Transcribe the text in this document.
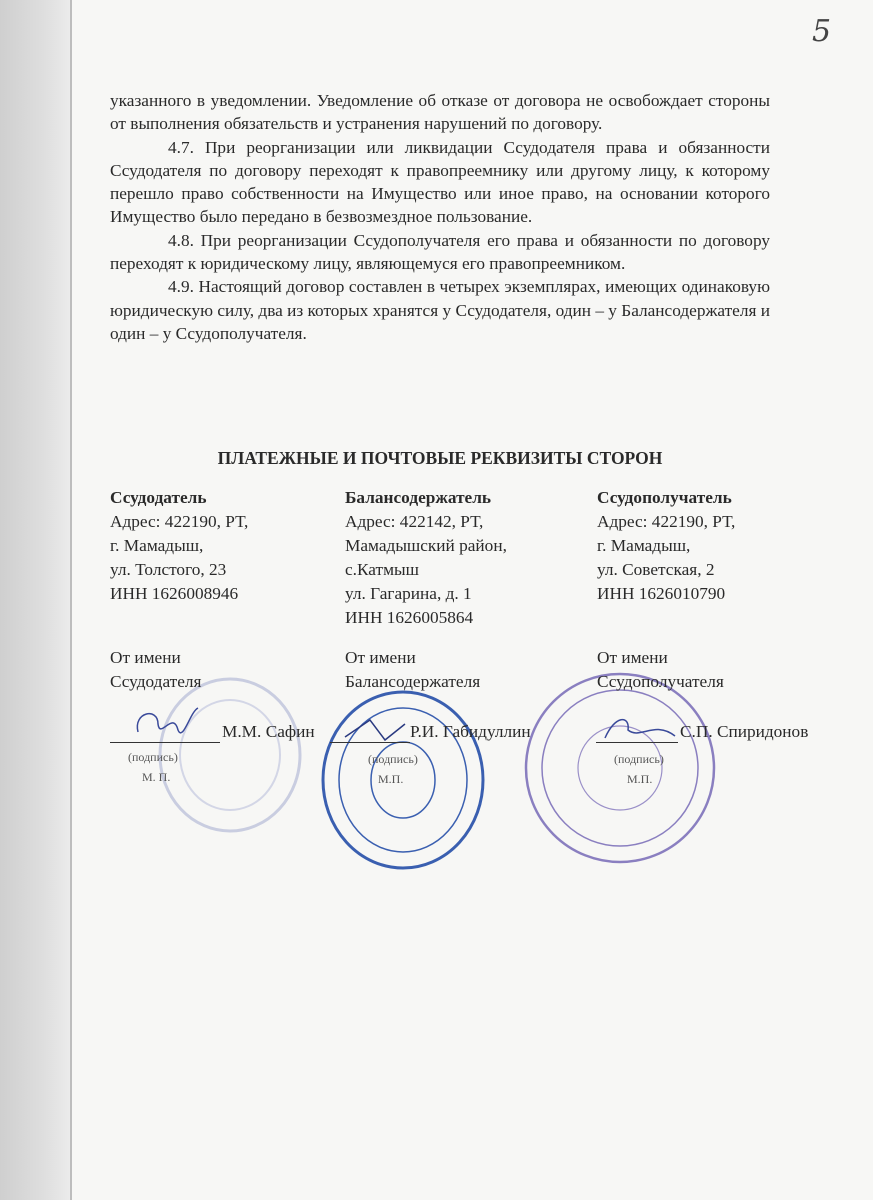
5

указанного в уведомлении. Уведомление об отказе от договора не освобождает стороны от выполнения обязательств и устранения нарушений по договору.

4.7. При реорганизации или ликвидации Ссудодателя права и обязанности Ссудодателя по договору переходят к правопреемнику или другому лицу, к которому перешло право собственности на Имущество или иное право, на основании которого Имущество было передано в безвозмездное пользование.

4.8. При реорганизации Ссудополучателя его права и обязанности по договору переходят к юридическому лицу, являющемуся его правопреемником.

4.9. Настоящий договор составлен в четырех экземплярах, имеющих одинаковую юридическую силу, два из которых хранятся у Ссудодателя, один – у Балансодержателя и один – у Ссудополучателя.

ПЛАТЕЖНЫЕ И ПОЧТОВЫЕ РЕКВИЗИТЫ СТОРОН
Ссудодатель
Адрес: 422190, РТ,
г. Мамадыш,
ул. Толстого, 23
ИНН 1626008946
От имени
Ссудодателя
Балансодержатель
Адрес: 422142, РТ,
Мамадышский район,
с.Катмыш
ул. Гагарина, д. 1
ИНН 1626005864
От имени
Балансодержателя
Ссудополучатель
Адрес: 422190, РТ,
г. Мамадыш,
ул. Советская, 2
ИНН 1626010790
От имени
Ссудополучателя
М.М. Сафин	Р.И. Габидуллин	С.П. Спиридонов
(подпись)
М. П.
(подпись)
М.П.
(подпись)
М.П.
